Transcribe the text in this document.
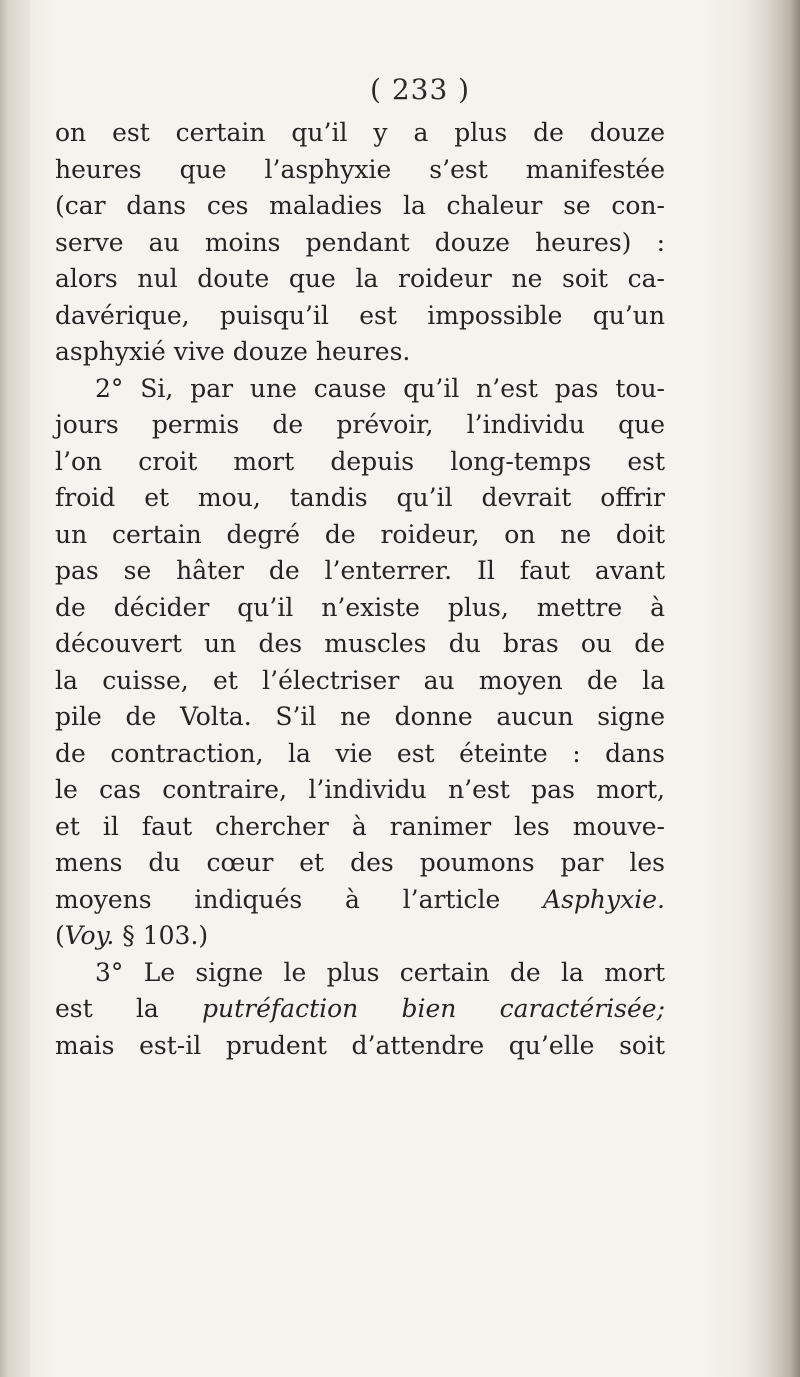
( 233 )
on est certain qu’il y a plus de douze
heures que l’asphyxie s’est manifestée
(car dans ces maladies la chaleur se con-
serve au moins pendant douze heures) :
alors nul doute que la roideur ne soit ca-
davérique, puisqu’il est impossible qu’un
asphyxié vive douze heures.
2° Si, par une cause qu’il n’est pas tou-
jours permis de prévoir, l’individu que
l’on croit mort depuis long-temps est
froid et mou, tandis qu’il devrait offrir
un certain degré de roideur, on ne doit
pas se hâter de l’enterrer. Il faut avant
de décider qu’il n’existe plus, mettre à
découvert un des muscles du bras ou de
la cuisse, et l’électriser au moyen de la
pile de Volta. S’il ne donne aucun signe
de contraction, la vie est éteinte : dans
le cas contraire, l’individu n’est pas mort,
et il faut chercher à ranimer les mouve-
mens du cœur et des poumons par les
moyens indiqués à l’article Asphyxie.
(Voy. § 103.)
3° Le signe le plus certain de la mort
est la putréfaction bien caractérisée;
mais est-il prudent d’attendre qu’elle soit
